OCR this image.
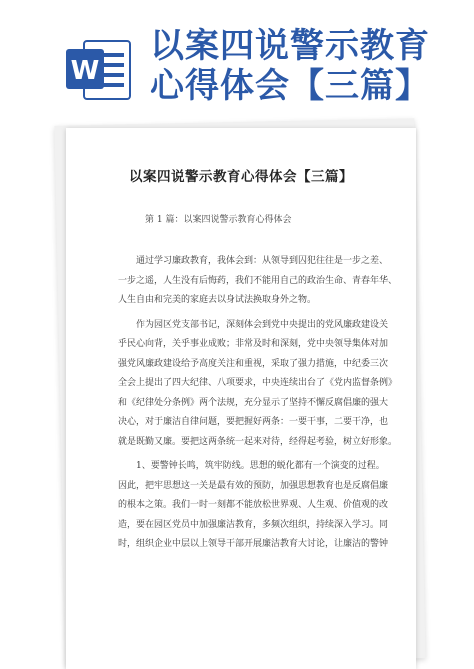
W
以案四说警示教育
心得体会【三篇】
以案四说警示教育心得体会【三篇】
第 1 篇：以案四说警示教育心得体会

通过学习廉政教育，我体会到：从领导到囚犯往往是一步之差、

一步之遥，人生没有后悔药，我们不能用自己的政治生命、青春年华、

人生自由和完美的家庭去以身试法换取身外之物。

作为园区党支部书记，深刻体会到党中央提出的党风廉政建设关

乎民心向背，关乎事业成败；非常及时和深刻，党中央领导集体对加

强党风廉政建设给予高度关注和重视，采取了强力措施，中纪委三次

全会上提出了四大纪律、八项要求，中央连续出台了《党内监督条例》

和《纪律处分条例》两个法规，充分显示了坚持不懈反腐倡廉的强大

决心，对于廉洁自律问题，要把握好两条：一要干事，二要干净，也

就是既勤又廉。要把这两条统一起来对待，经得起考验，树立好形象。

1、要警钟长鸣，筑牢防线。思想的蜕化都有一个演变的过程。

因此，把牢思想这一关是最有效的预防，加强思想教育也是反腐倡廉

的根本之策。我们一时一刻都不能放松世界观、人生观、价值观的改

造，要在园区党员中加强廉洁教育，多频次组织，持续深入学习。同

时，组织企业中层以上领导干部开展廉洁教育大讨论，让廉洁的警钟
